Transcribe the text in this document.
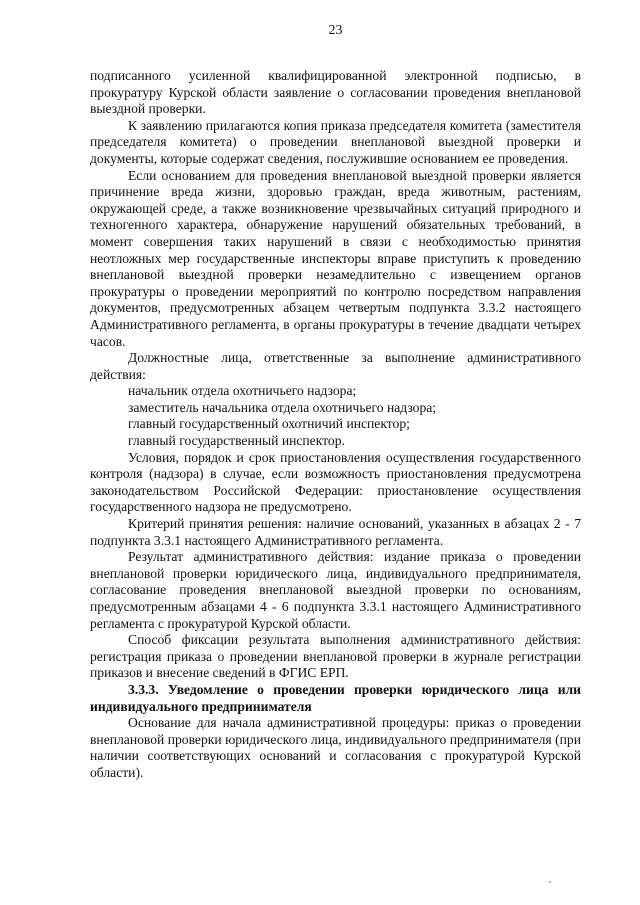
23

подписанного усиленной квалифицированной электронной подписью, в прокуратуру Курской области заявление о согласовании проведения внеплановой выездной проверки.

К заявлению прилагаются копия приказа председателя комитета (заместителя председателя комитета) о проведении внеплановой выездной проверки и документы, которые содержат сведения, послужившие основанием ее проведения.

Если основанием для проведения внеплановой выездной проверки является причинение вреда жизни, здоровью граждан, вреда животным, растениям, окружающей среде, а также возникновение чрезвычайных ситуаций природного и техногенного характера, обнаружение нарушений обязательных требований, в момент совершения таких нарушений в связи с необходимостью принятия неотложных мер государственные инспекторы вправе приступить к проведению внеплановой выездной проверки незамедлительно с извещением органов прокуратуры о проведении мероприятий по контролю посредством направления документов, предусмотренных абзацем четвертым подпункта 3.3.2 настоящего Административного регламента, в органы прокуратуры в течение двадцати четырех часов.

Должностные лица, ответственные за выполнение административного действия:

начальник отдела охотничьего надзора;

заместитель начальника отдела охотничьего надзора;

главный государственный охотничий инспектор;

главный государственный инспектор.

Условия, порядок и срок приостановления осуществления государственного контроля (надзора) в случае, если возможность приостановления предусмотрена законодательством Российской Федерации: приостановление осуществления государственного надзора не предусмотрено.

Критерий принятия решения: наличие оснований, указанных в абзацах 2 - 7 подпункта 3.3.1 настоящего Административного регламента.

Результат административного действия: издание приказа о проведении внеплановой проверки юридического лица, индивидуального предпринимателя, согласование проведения внеплановой выездной проверки по основаниям, предусмотренным абзацами 4 - 6 подпункта 3.3.1 настоящего Административного регламента с прокуратурой Курской области.

Способ фиксации результата выполнения административного действия: регистрация приказа о проведении внеплановой проверки в журнале регистрации приказов и внесение сведений в ФГИС ЕРП.

3.3.3. Уведомление о проведении проверки юридического лица или индивидуального предпринимателя

Основание для начала административной процедуры: приказ о проведении внеплановой проверки юридического лица, индивидуального предпринимателя (при наличии соответствующих оснований и согласования с прокуратурой Курской области).
